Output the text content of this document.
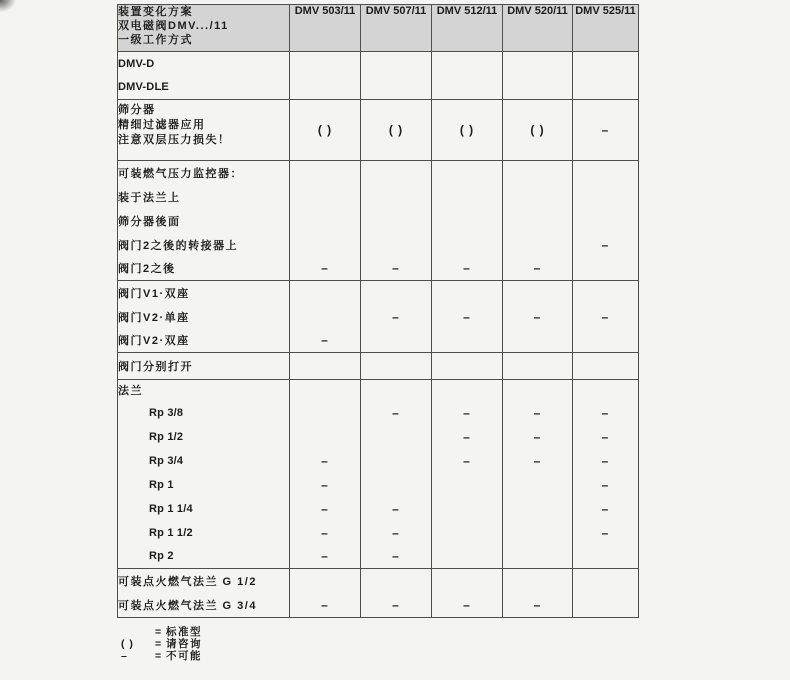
装置变化方案
双电磁阀DMV.../11
一级工作方式	DMV 503/11	DMV 507/11	DMV 512/11	DMV 520/11	DMV 525/11
DMV-D					
DMV-DLE					

筛分器
精细过滤器应用
注意双层压力损失！	( )	( )	( )	( )	–
可装燃气压力监控器：					
装于法兰上					
筛分器後面					
阀门2之後的转接器上					–
阀门2之後	–	–	–	–	
阀门V1·双座					
阀门V2·单座		–	–	–	–
阀门V2·双座	–				
阀门分别打开					
法兰					
Rp 3/8		–	–	–	–
Rp 1/2			–	–	–
Rp 3/4	–		–	–	–
Rp 1	–				–
Rp 1 1/4	–	–			–
Rp 1 1/2	–	–			–
Rp 2	–	–			
可装点火燃气法兰 G 1/2					
可装点火燃气法兰 G 3/4	–	–	–	–	
= 标准型
( )	= 请咨询
–	= 不可能
